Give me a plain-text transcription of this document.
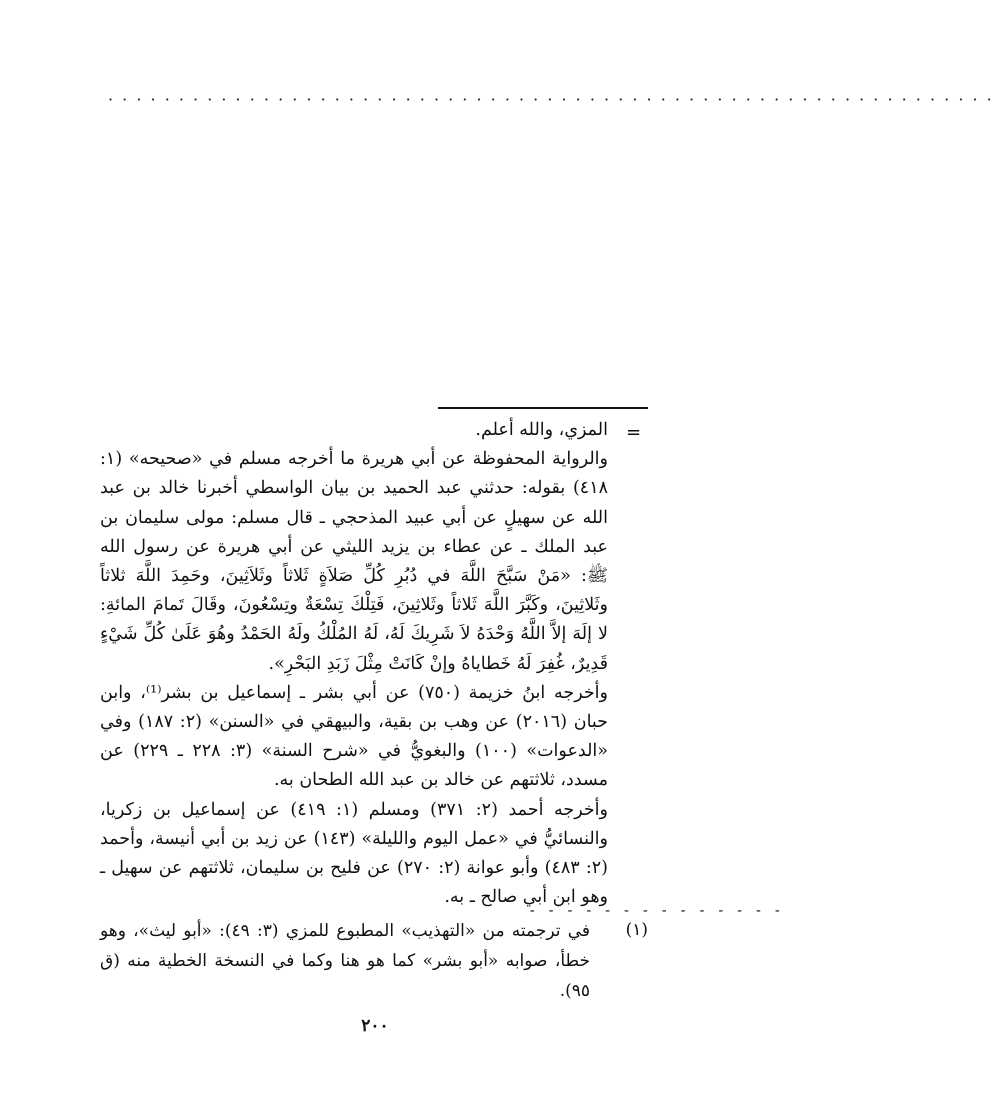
· · · · · · · · · · · · · · · · · · · · · · · · · · · · · · · · · · · · · · · · · · · · · · · · · · · · · · · · · · · · · · ·
=

المزي، والله أعلم.

والرواية المحفوظة عن أبي هريرة ما أخرجه مسلم في «صحيحه» (١: ٤١٨) بقوله: حدثني عبد الحميد بن بيان الواسطي أخبرنا خالد بن عبد الله عن سهيلٍ عن أبي عبيد المذحجي ـ قال مسلم: مولى سليمان بن عبد الملك ـ عن عطاء بن يزيد الليثي عن أبي هريرة عن رسول الله ﷺ: «مَنْ سَبَّحَ اللَّهَ في دُبُرِ كُلِّ صَلاَةٍ ثَلاثاً وثَلاَثِينَ، وحَمِدَ اللَّهَ ثلاثاً وثَلاثِينَ، وكَبَّرَ اللَّهَ ثَلاثاً وثَلاثِينَ، فَتِلْكَ تِسْعَةٌ وتِسْعُونَ، وقَالَ تَمامَ المائةِ: لا إلَهَ إلاَّ اللَّهُ وَحْدَهُ لاَ شَرِيكَ لَهُ، لَهُ المُلْكُ ولَهُ الحَمْدُ وهُوَ عَلَىٰ كُلِّ شَيْءٍ قَدِيرٌ، غُفِرَ لَهُ خَطاياهُ وإنْ كَانَتْ مِثْلَ زَبَدِ البَحْرِ».

وأخرجه ابنُ خزيمة (٧٥٠) عن أبي بشر ـ إسماعيل بن بشر⁽¹⁾، وابن حبان (٢٠١٦) عن وهب بن بقية، والبيهقي في «السنن» (٢: ١٨٧) وفي «الدعوات» (١٠٠) والبغويُّ في «شرح السنة» (٣: ٢٢٨ ـ ٢٢٩) عن مسدد، ثلاثتهم عن خالد بن عبد الله الطحان به.

وأخرجه أحمد (٢: ٣٧١) ومسلم (١: ٤١٩) عن إسماعيل بن زكريا، والنسائيُّ في «عمل اليوم والليلة» (١٤٣) عن زيد بن أبي أنيسة، وأحمد (٢: ٤٨٣) وأبو عوانة (٢: ٢٧٠) عن فليح بن سليمان، ثلاثتهم عن سهيل ـ وهو ابن أبي صالح ـ به.

- - - - - - - - - - - - - -
(١)
في ترجمته من «التهذيب» المطبوع للمزي (٣: ٤٩): «أبو ليث»، وهو خطأ، صوابه «أبو بشر» كما هو هنا وكما في النسخة الخطية منه (ق ٩٥).
٢٠٠
